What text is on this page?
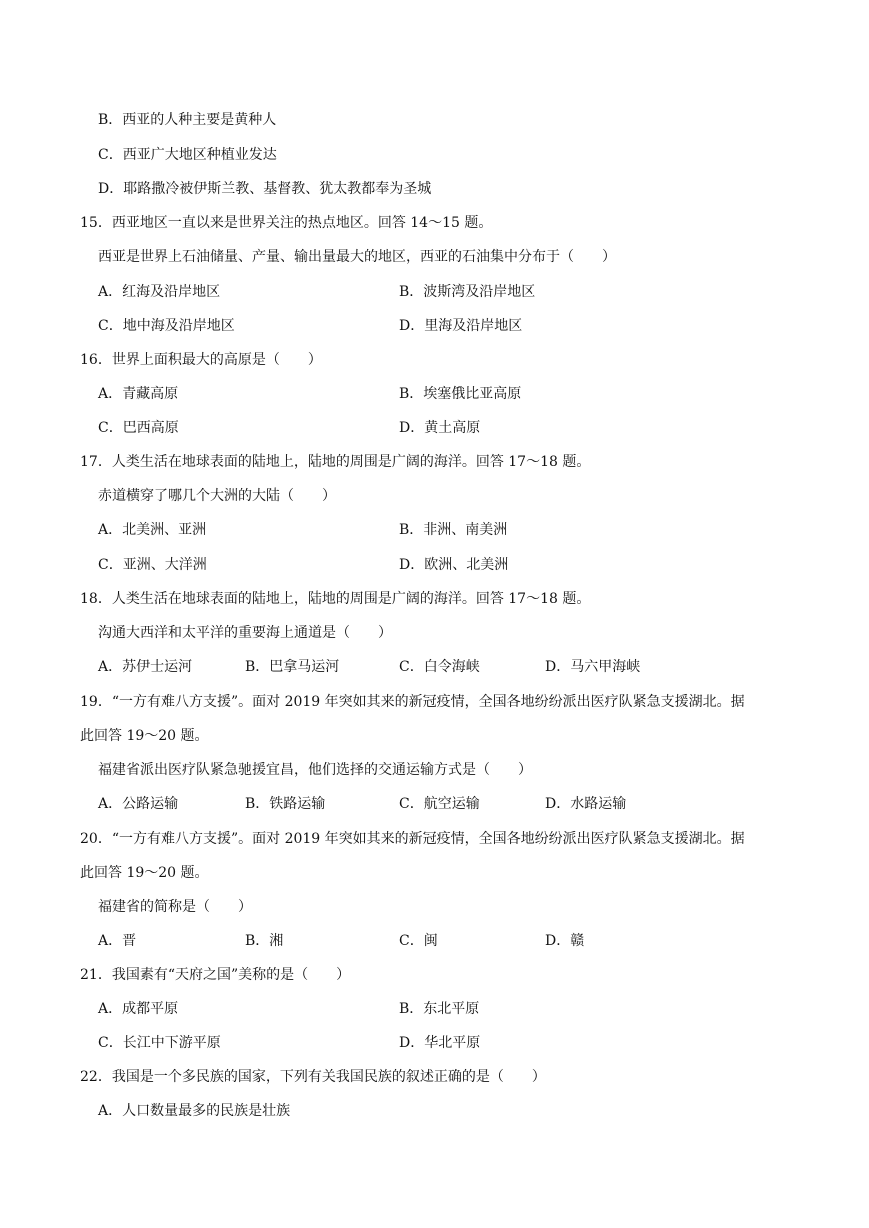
B．西亚的人种主要是黄种人
C．西亚广大地区种植业发达
D．耶路撒冷被伊斯兰教、基督教、犹太教都奉为圣城
15．西亚地区一直以来是世界关注的热点地区。回答 14～15 题。
西亚是世界上石油储量、产量、输出量最大的地区，西亚的石油集中分布于（　　）
A．红海及沿岸地区	B．波斯湾及沿岸地区
C．地中海及沿岸地区	D．里海及沿岸地区
16．世界上面积最大的高原是（　　）
A．青藏高原	B．埃塞俄比亚高原
C．巴西高原	D．黄土高原
17．人类生活在地球表面的陆地上，陆地的周围是广阔的海洋。回答 17～18 题。
赤道横穿了哪几个大洲的大陆（　　）
A．北美洲、亚洲	B．非洲、南美洲
C．亚洲、大洋洲	D．欧洲、北美洲
18．人类生活在地球表面的陆地上，陆地的周围是广阔的海洋。回答 17～18 题。
沟通大西洋和太平洋的重要海上通道是（　　）
A．苏伊士运河	B．巴拿马运河	C．白令海峡	D．马六甲海峡
19．“一方有难八方支援”。面对 2019 年突如其来的新冠疫情，全国各地纷纷派出医疗队紧急支援湖北。据
此回答 19～20 题。
福建省派出医疗队紧急驰援宜昌，他们选择的交通运输方式是（　　）
A．公路运输	B．铁路运输	C．航空运输	D．水路运输
20．“一方有难八方支援”。面对 2019 年突如其来的新冠疫情，全国各地纷纷派出医疗队紧急支援湖北。据
此回答 19～20 题。
福建省的简称是（　　）
A．晋	B．湘	C．闽	D．赣
21．我国素有“天府之国”美称的是（　　）
A．成都平原	B．东北平原
C．长江中下游平原	D．华北平原
22．我国是一个多民族的国家，下列有关我国民族的叙述正确的是（　　）
A．人口数量最多的民族是壮族
